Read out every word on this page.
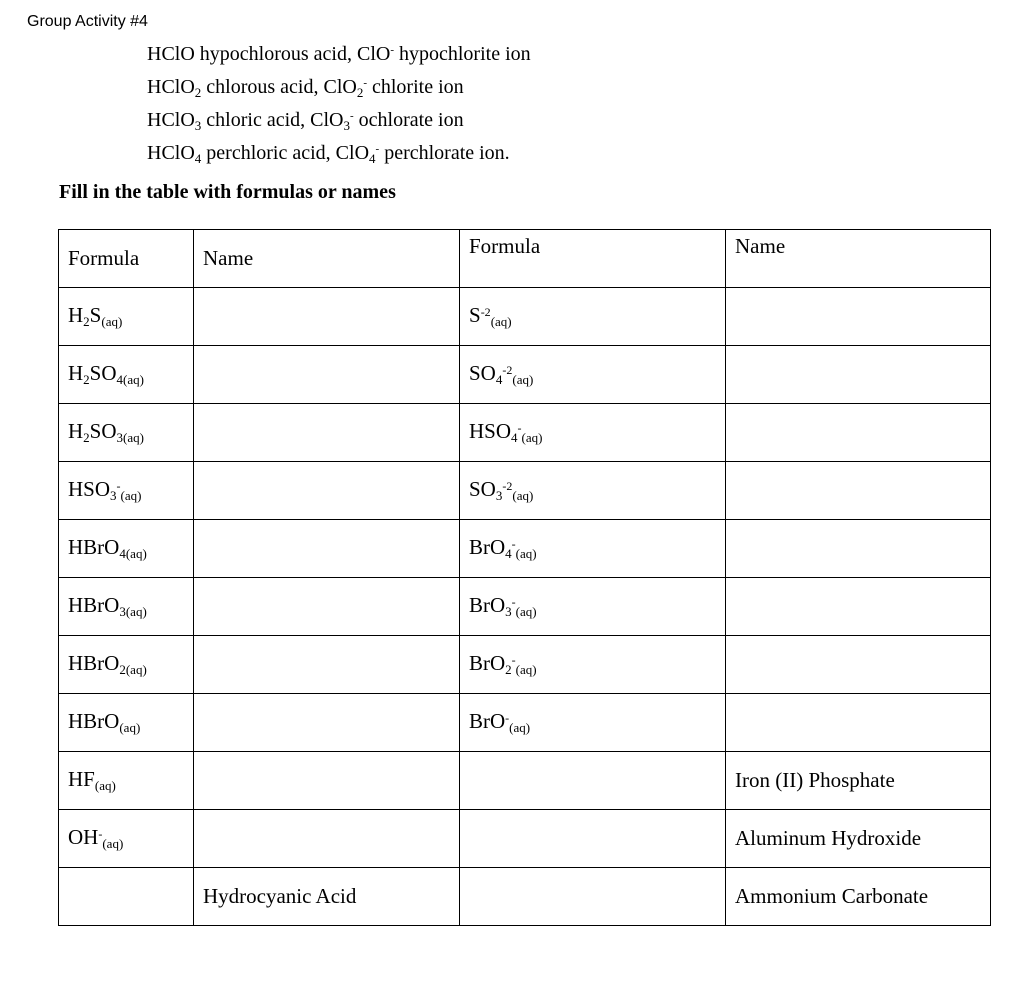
Group Activity #4
HClO hypochlorous acid, ClO- hypochlorite ion
HClO$_2$ chlorous acid, ClO$_2$- chlorite ion
HClO$_3$ chloric acid, ClO$_3$- ochlorate ion
HClO$_4$ perchloric acid, ClO$_4$- perchlorate ion.
Fill in the table with formulas or names
Formula	Name	Formula	Name
H2S(aq)		$S^{-2}(aq)$	
H2SO4(aq)		$SO4^{-2}(aq)$	
H2SO3(aq)		HSO4-(aq)	
HSO3-(aq)		$SO3^{-2}(aq)$	
HBrO4(aq)		BrO4-(aq)	
HBrO3(aq)		BrO3-(aq)	
HBrO2(aq)		BrO2-(aq)	
HBrO(aq)		BrO-(aq)	
HF(aq)			Iron (II) Phosphate
OH-(aq)			Aluminum Hydroxide
	Hydrocyanic Acid		Ammonium Carbonate
